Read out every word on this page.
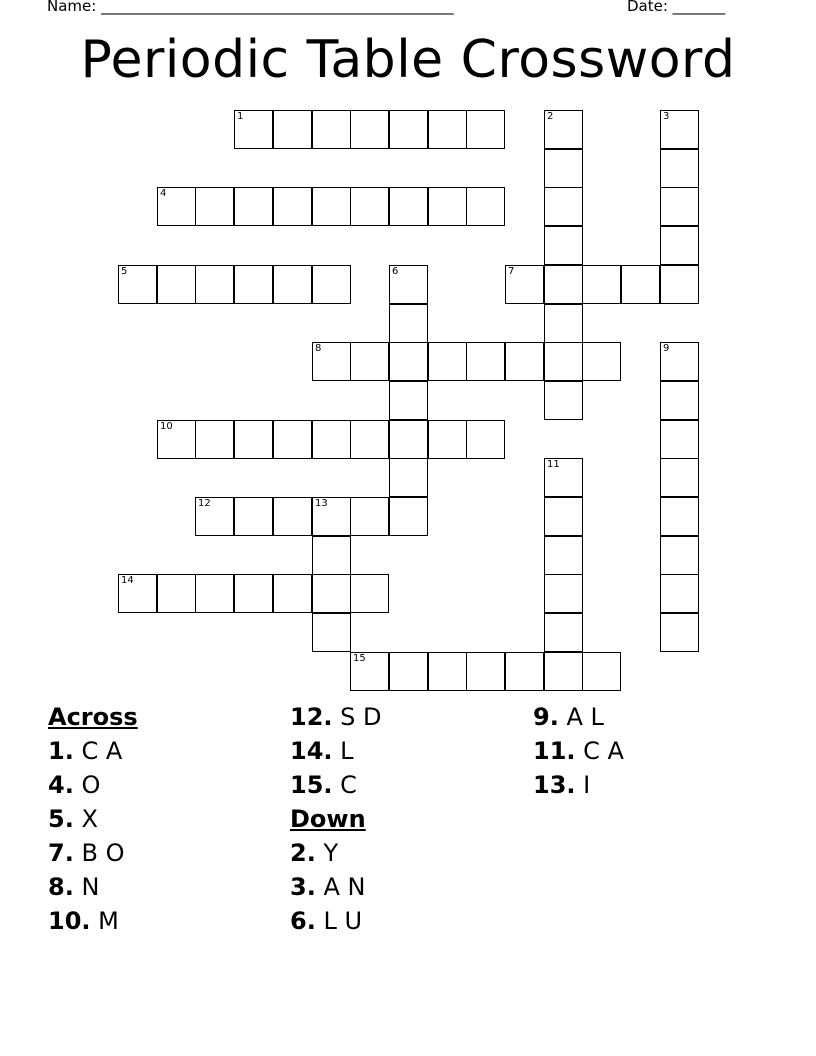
Name: _______________________________________________	Date: _______
Periodic Table Crossword
1	2	3
4
5	6	7
8	9
10
11
12	13
14
15
Across
1. C A
4. O
5. X
7. B O
8. N
10. M
12. S D
14. L
15. C
Down
2. Y
3. A N
6. L U
9. A L
11. C A
13. I
